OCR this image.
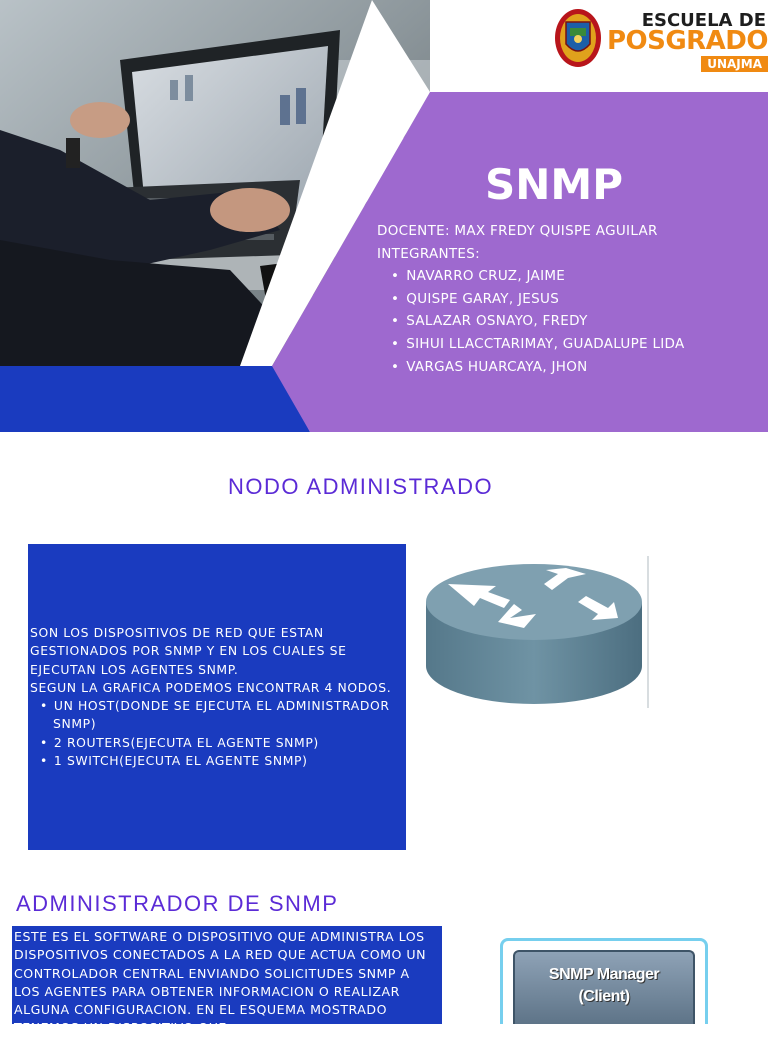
ESCUELA DE
POSGRADO
UNAJMA
SNMP
DOCENTE: MAX FREDY QUISPE AGUILAR
INTEGRANTES:
• NAVARRO CRUZ, JAIME
• QUISPE GARAY, JESUS
• SALAZAR OSNAYO, FREDY
• SIHUI LLACCTARIMAY, GUADALUPE LIDA
• VARGAS HUARCAYA, JHON
NODO ADMINISTRADO

SON LOS DISPOSITIVOS DE RED QUE ESTAN GESTIONADOS POR SNMP Y EN LOS CUALES SE EJECUTAN LOS AGENTES SNMP.

SEGUN LA GRAFICA PODEMOS ENCONTRAR 4 NODOS.

• UN HOST(DONDE SE EJECUTA EL ADMINISTRADOR SNMP)
• 2 ROUTERS(EJECUTA EL AGENTE SNMP)
• 1 SWITCH(EJECUTA EL AGENTE SNMP)
ADMINISTRADOR DE SNMP
ESTE ES EL SOFTWARE O DISPOSITIVO QUE ADMINISTRA LOS DISPOSITIVOS CONECTADOS A LA RED QUE ACTUA COMO UN CONTROLADOR CENTRAL ENVIANDO SOLICITUDES SNMP A LOS AGENTES PARA OBTENER INFORMACION O REALIZAR ALGUNA CONFIGURACION. EN EL ESQUEMA MOSTRADO TENEMOS UN DISPOSITIVO QUE
SNMP Manager
(Client)
